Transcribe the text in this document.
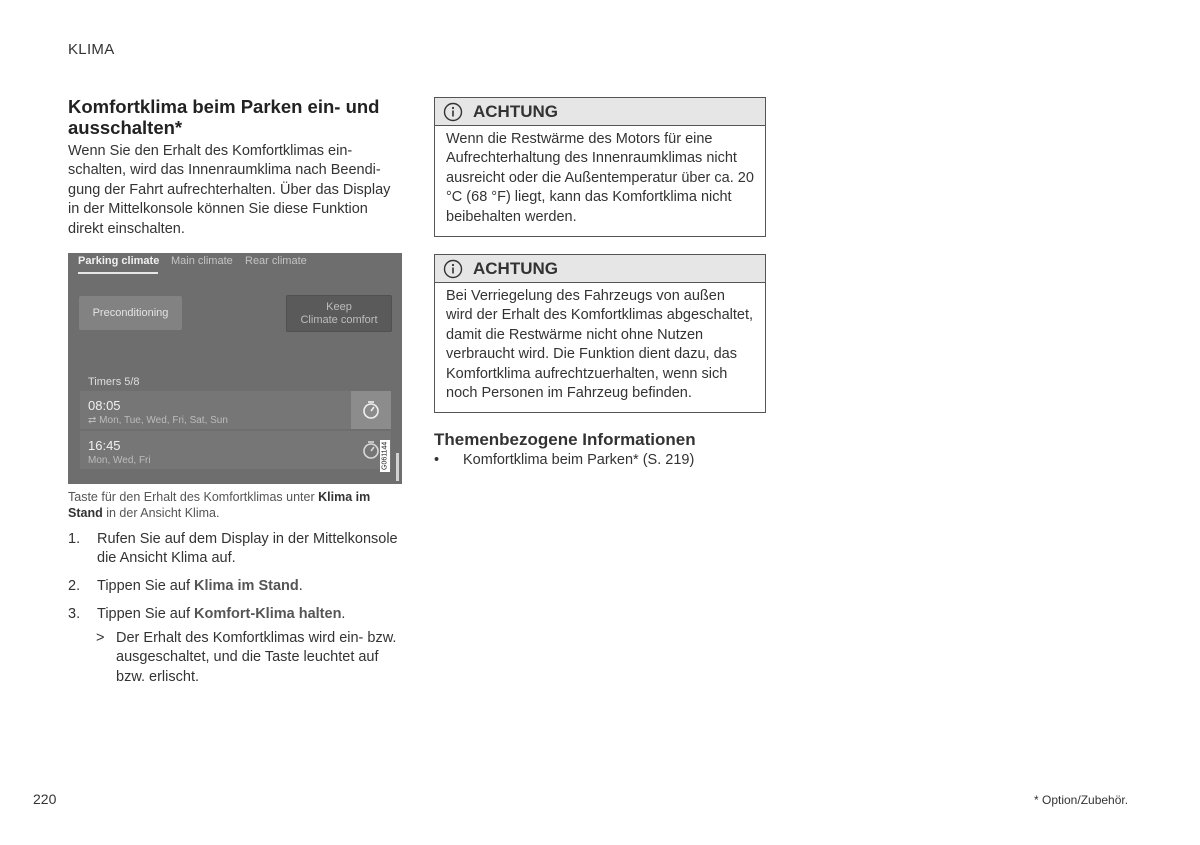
KLIMA
Komfortklima beim Parken ein- und ausschalten*
Wenn Sie den Erhalt des Komfortklimas einschalten, wird das Innenraumklima nach Beendigung der Fahrt aufrechterhalten. Über das Display in der Mittelkonsole können Sie diese Funktion direkt einschalten.
Parking climate Main climate Rear climate
Preconditioning	Keep
Climate comfort
Timers 5/8
08:05
⇄ Mon, Tue, Wed, Fri, Sat, Sun
16:45
Mon, Wed, Fri	G061144
Taste für den Erhalt des Komfortklimas unter Klima im Stand in der Ansicht Klima.
1. Rufen Sie auf dem Display in der Mittelkonsole die Ansicht Klima auf.
2. Tippen Sie auf Klima im Stand.
3. Tippen Sie auf Komfort-Klima halten.
> Der Erhalt des Komfortklimas wird ein- bzw. ausgeschaltet, und die Taste leuchtet auf bzw. erlischt.
ACHTUNG
Wenn die Restwärme des Motors für eine Aufrechterhaltung des Innenraumklimas nicht ausreicht oder die Außentemperatur über ca. 20 °C (68 °F) liegt, kann das Komfortklima nicht beibehalten werden.
ACHTUNG
Bei Verriegelung des Fahrzeugs von außen wird der Erhalt des Komfortklimas abgeschaltet, damit die Restwärme nicht ohne Nutzen verbraucht wird. Die Funktion dient dazu, das Komfortklima aufrechtzuerhalten, wenn sich noch Personen im Fahrzeug befinden.
Themenbezogene Informationen
• Komfortklima beim Parken* (S. 219)
220	* Option/Zubehör.
